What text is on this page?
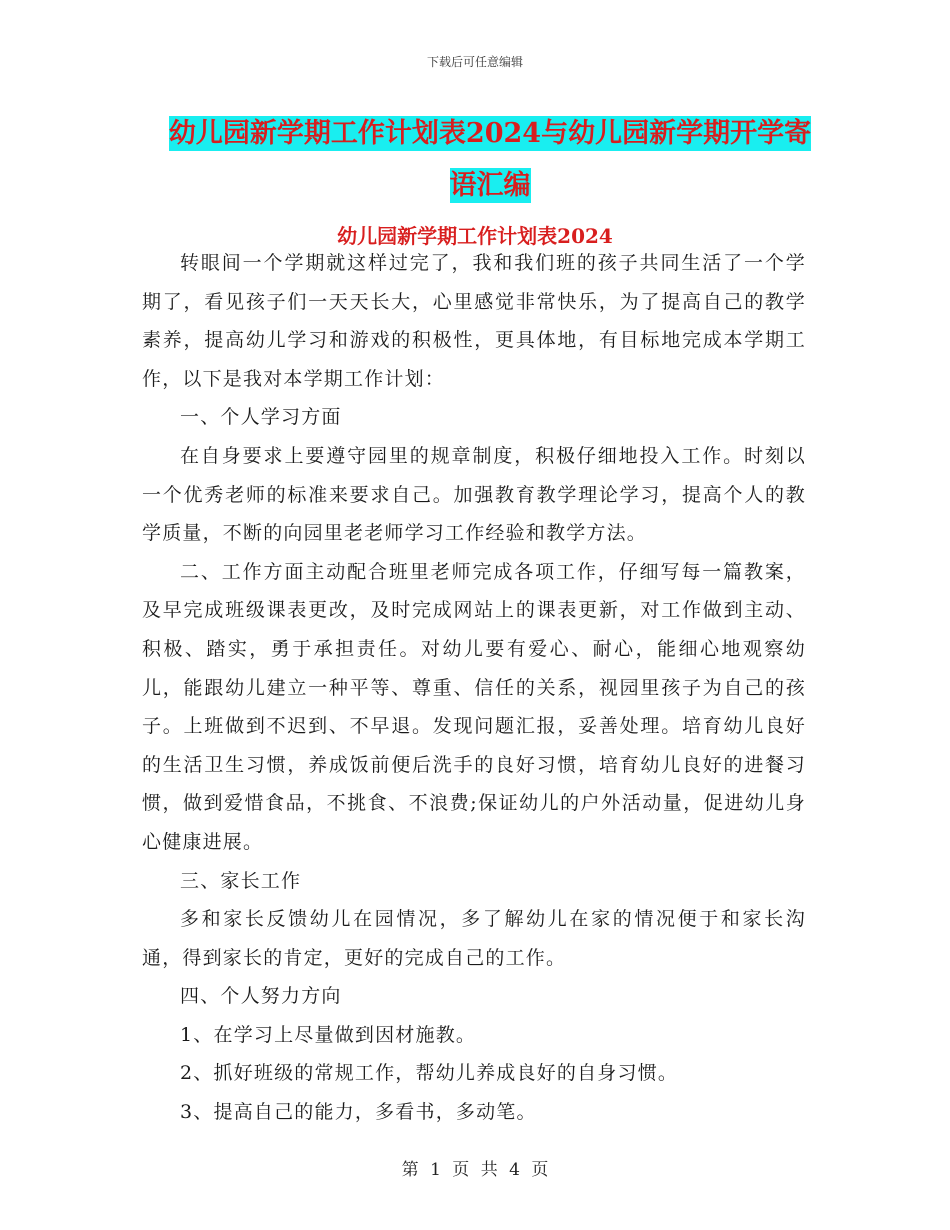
下载后可任意编辑
幼儿园新学期工作计划表2024与幼儿园新学期开学寄
语汇编
幼儿园新学期工作计划表2024

转眼间一个学期就这样过完了，我和我们班的孩子共同生活了一个学期了，看见孩子们一天天长大，心里感觉非常快乐，为了提高自己的教学素养，提高幼儿学习和游戏的积极性，更具体地，有目标地完成本学期工作，以下是我对本学期工作计划：

一、个人学习方面

在自身要求上要遵守园里的规章制度，积极仔细地投入工作。时刻以一个优秀老师的标准来要求自己。加强教育教学理论学习，提高个人的教学质量，不断的向园里老老师学习工作经验和教学方法。

二、工作方面主动配合班里老师完成各项工作，仔细写每一篇教案，及早完成班级课表更改，及时完成网站上的课表更新，对工作做到主动、积极、踏实，勇于承担责任。对幼儿要有爱心、耐心，能细心地观察幼儿，能跟幼儿建立一种平等、尊重、信任的关系，视园里孩子为自己的孩子。上班做到不迟到、不早退。发现问题汇报，妥善处理。培育幼儿良好的生活卫生习惯，养成饭前便后洗手的良好习惯，培育幼儿良好的进餐习惯，做到爱惜食品，不挑食、不浪费;保证幼儿的户外活动量，促进幼儿身心健康进展。

三、家长工作

多和家长反馈幼儿在园情况，多了解幼儿在家的情况便于和家长沟通，得到家长的肯定，更好的完成自己的工作。

四、个人努力方向

1、在学习上尽量做到因材施教。

2、抓好班级的常规工作，帮幼儿养成良好的自身习惯。

3、提高自己的能力，多看书，多动笔。

第 1 页 共 4 页
